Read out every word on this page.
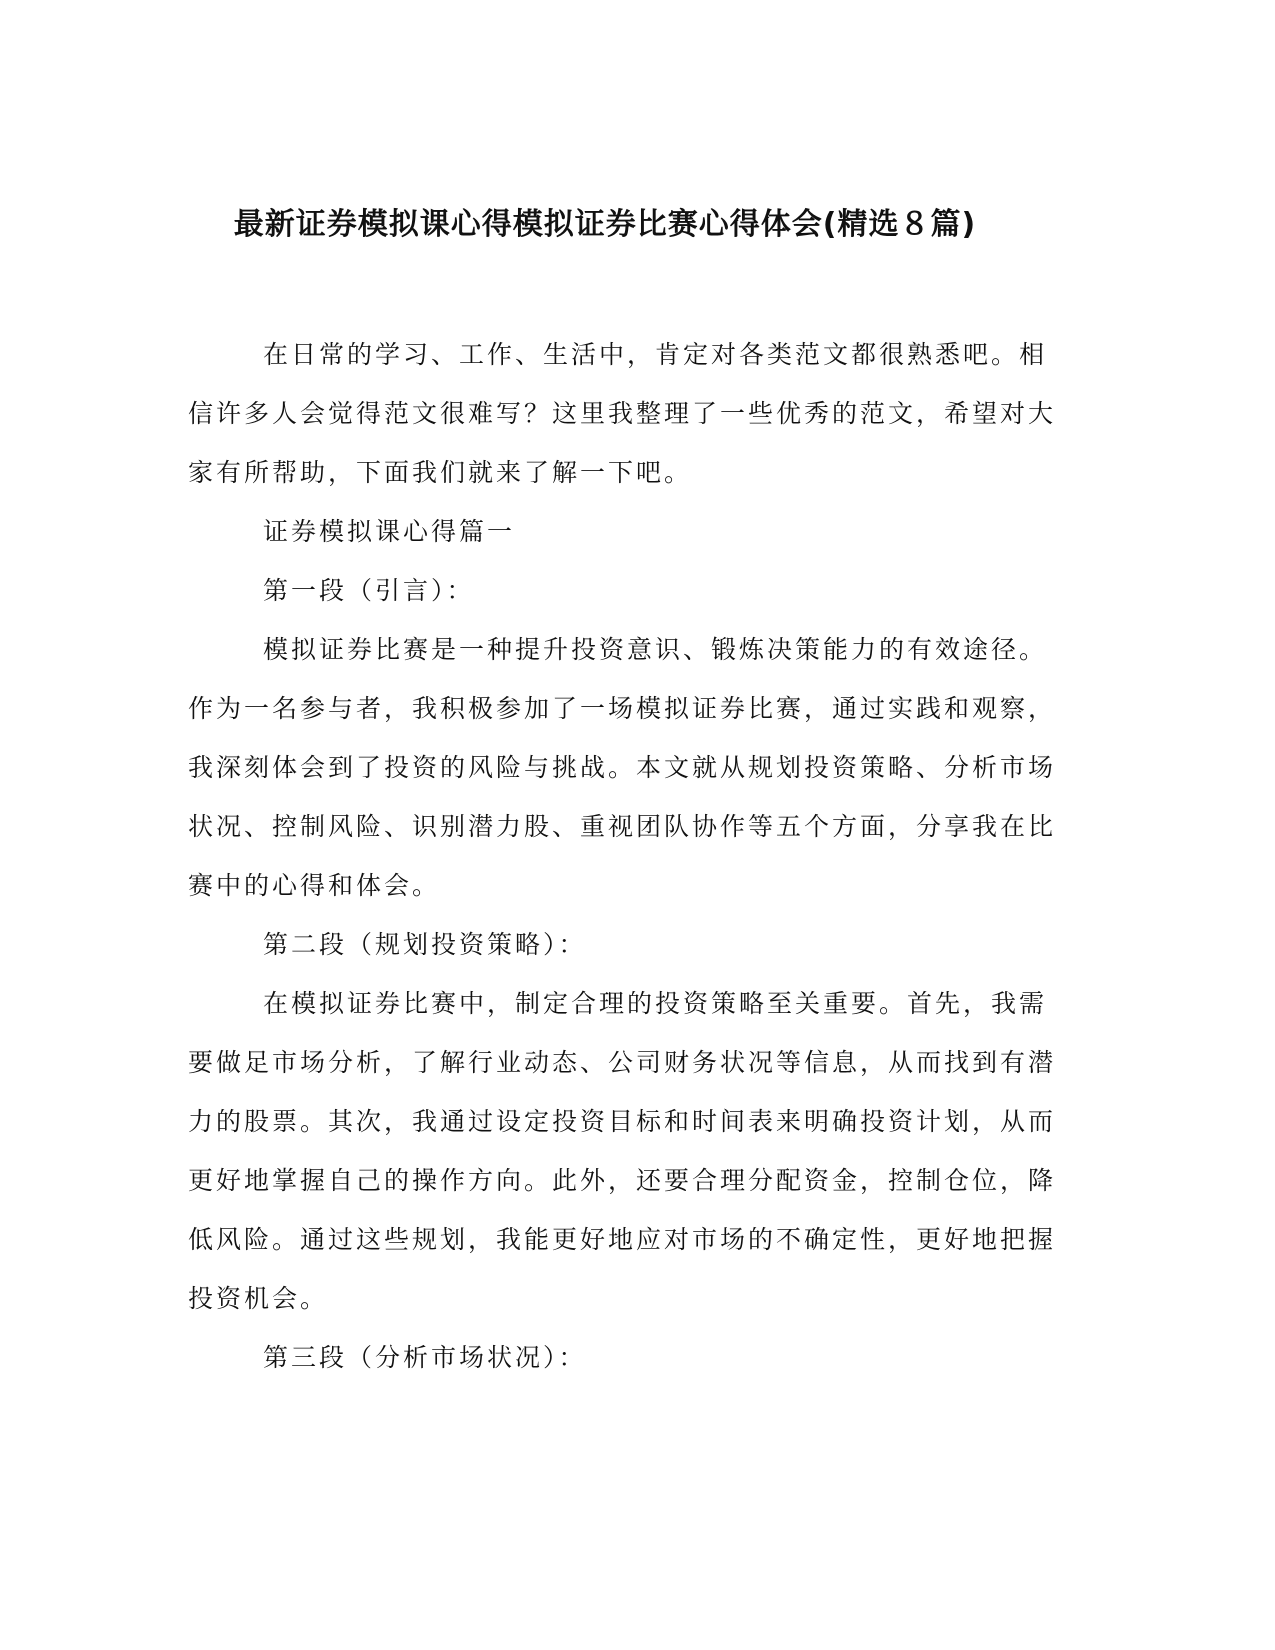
最新证券模拟课心得模拟证券比赛心得体会(精选８篇)

在日常的学习、工作、生活中，肯定对各类范文都很熟悉吧。相信许多人会觉得范文很难写？这里我整理了一些优秀的范文，希望对大家有所帮助，下面我们就来了解一下吧。

证券模拟课心得篇一

第一段（引言）：

模拟证券比赛是一种提升投资意识、锻炼决策能力的有效途径。作为一名参与者，我积极参加了一场模拟证券比赛，通过实践和观察，我深刻体会到了投资的风险与挑战。本文就从规划投资策略、分析市场状况、控制风险、识别潜力股、重视团队协作等五个方面，分享我在比赛中的心得和体会。

第二段（规划投资策略）：

在模拟证券比赛中，制定合理的投资策略至关重要。首先，我需要做足市场分析，了解行业动态、公司财务状况等信息，从而找到有潜力的股票。其次，我通过设定投资目标和时间表来明确投资计划，从而更好地掌握自己的操作方向。此外，还要合理分配资金，控制仓位，降低风险。通过这些规划，我能更好地应对市场的不确定性，更好地把握投资机会。

第三段（分析市场状况）：
